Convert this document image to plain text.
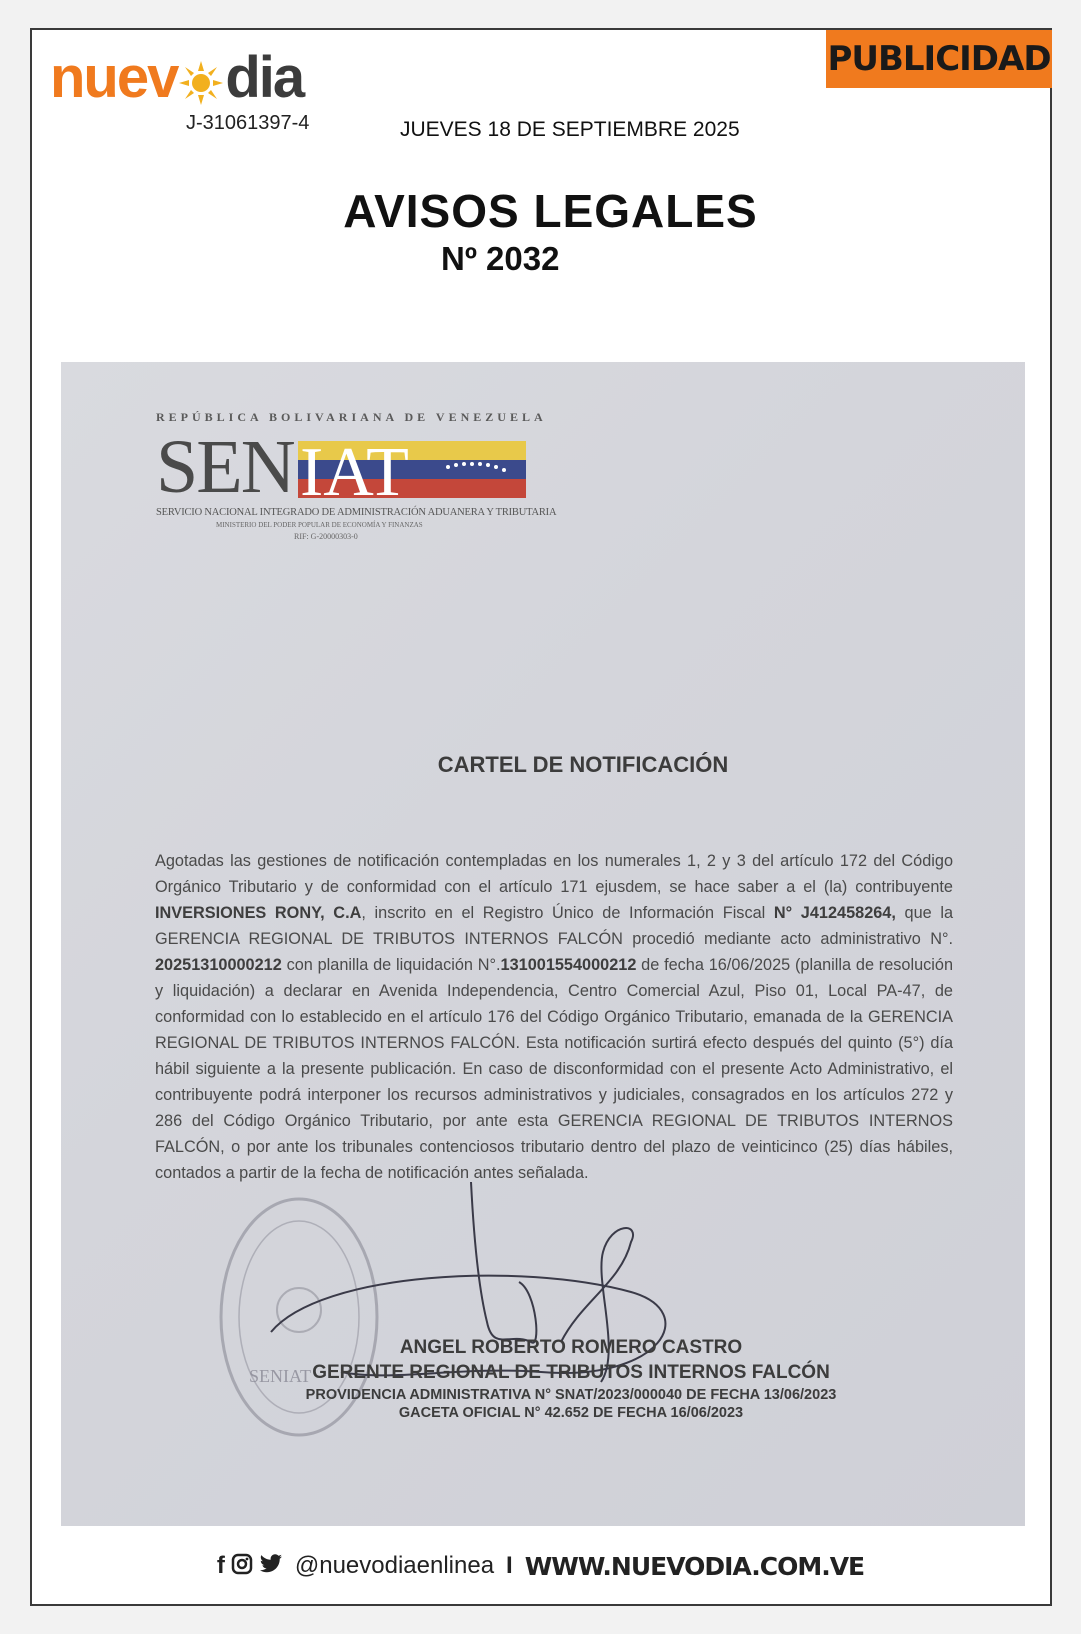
nuev dia
J-31061397-4	JUEVES 18 DE SEPTIEMBRE 2025
PUBLICIDAD
AVISOS LEGALES
Nº 2032
REPÚBLICA BOLIVARIANA DE VENEZUELA
SEN IAT
SERVICIO NACIONAL INTEGRADO DE ADMINISTRACIÓN ADUANERA Y TRIBUTARIA
MINISTERIO DEL PODER POPULAR DE ECONOMÍA Y FINANZAS
RIF: G-20000303-0
CARTEL DE NOTIFICACIÓN
Agotadas las gestiones de notificación contempladas en los numerales 1, 2 y 3 del artículo 172 del Código Orgánico Tributario y de conformidad con el artículo 171 ejusdem, se hace saber a el (la) contribuyente INVERSIONES RONY, C.A, inscrito en el Registro Único de Información Fiscal N° J412458264, que la GERENCIA REGIONAL DE TRIBUTOS INTERNOS FALCÓN procedió mediante acto administrativo N°. 20251310000212 con planilla de liquidación N°.131001554000212 de fecha 16/06/2025 (planilla de resolución y liquidación) a declarar en Avenida Independencia, Centro Comercial Azul, Piso 01, Local PA-47, de conformidad con lo establecido en el artículo 176 del Código Orgánico Tributario, emanada de la GERENCIA REGIONAL DE TRIBUTOS INTERNOS FALCÓN. Esta notificación surtirá efecto después del quinto (5°) día hábil siguiente a la presente publicación. En caso de disconformidad con el presente Acto Administrativo, el contribuyente podrá interponer los recursos administrativos y judiciales, consagrados en los artículos 272 y 286 del Código Orgánico Tributario, por ante esta GERENCIA REGIONAL DE TRIBUTOS INTERNOS FALCÓN, o por ante los tribunales contenciosos tributario dentro del plazo de veinticinco (25) días hábiles, contados a partir de la fecha de notificación antes señalada.
SENIAT
ANGEL ROBERTO ROMERO CASTRO
GERENTE REGIONAL DE TRIBUTOS INTERNOS FALCÓN
PROVIDENCIA ADMINISTRATIVA N° SNAT/2023/000040 DE FECHA 13/06/2023
GACETA OFICIAL N° 42.652 DE FECHA 16/06/2023
f	@nuevodiaenlinea I WWW.NUEVODIA.COM.VE
